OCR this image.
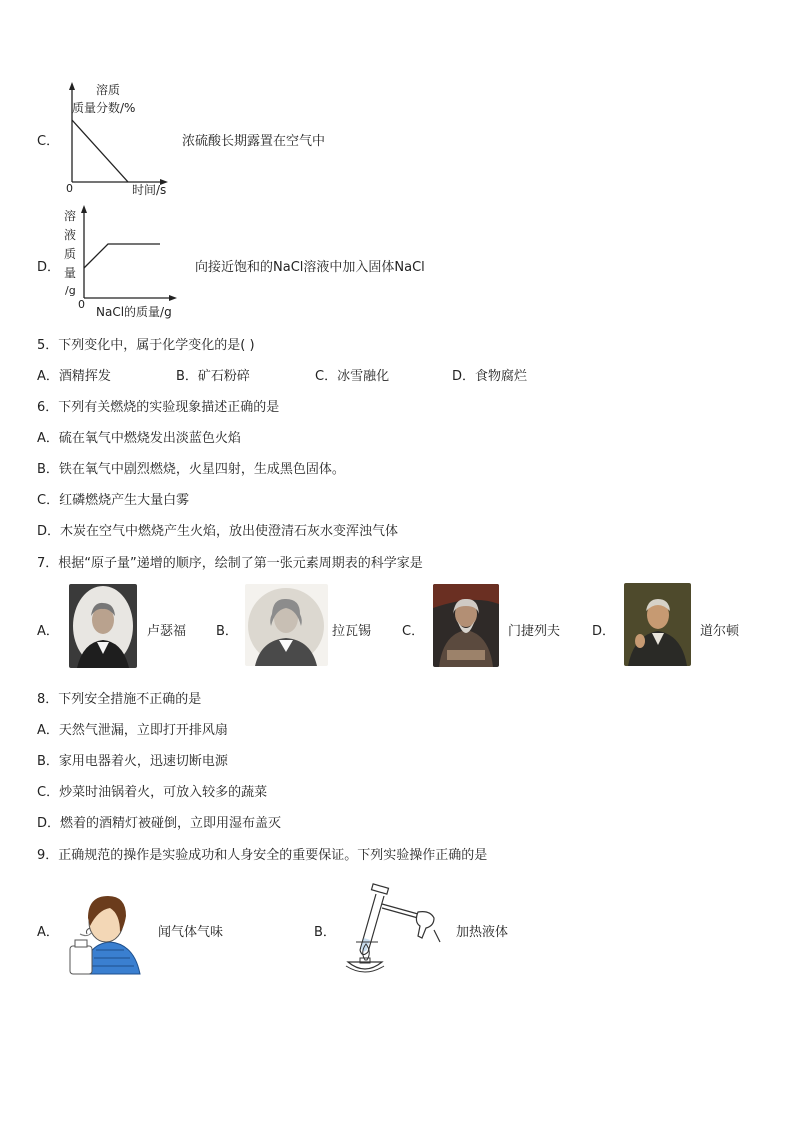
C．
溶质
质量分数/%
0	时间/s
浓硫酸长期露置在空气中
D．
溶
液
质
量
/g
0
NaCl的质量/g
向接近饱和的NaCl溶液中加入固体NaCl
5．下列变化中，属于化学变化的是( )
A．酒精挥发	B．矿石粉碎	C．冰雪融化	D．食物腐烂
6．下列有关燃烧的实验现象描述正确的是
A．硫在氧气中燃烧发出淡蓝色火焰
B．铁在氧气中剧烈燃烧，火星四射，生成黑色固体。
C．红磷燃烧产生大量白雾
D．木炭在空气中燃烧产生火焰，放出使澄清石灰水变浑浊气体
7．根据“原子量”递增的顺序，绘制了第一张元素周期表的科学家是
A．	卢瑟福 B．	拉瓦锡 C．	门捷列夫 D．	道尔顿
8．下列安全措施不正确的是
A．天然气泄漏，立即打开排风扇
B．家用电器着火，迅速切断电源
C．炒菜时油锅着火，可放入较多的蔬菜
D．燃着的酒精灯被碰倒，立即用湿布盖灭
9．正确规范的操作是实验成功和人身安全的重要保证。下列实验操作正确的是
A．	闻气体气味	B．	加热液体
